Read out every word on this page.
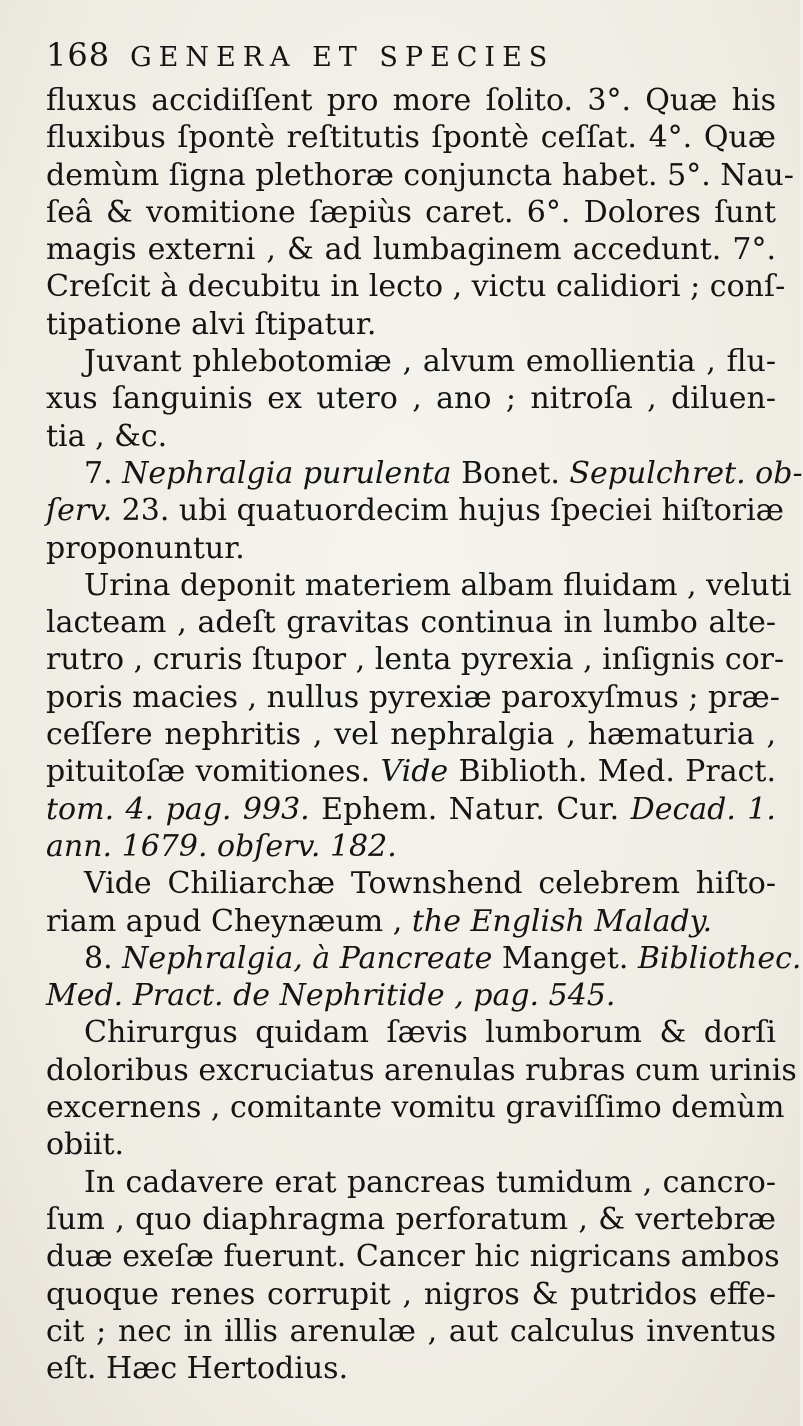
168 GENERA ET SPECIES
fluxus accidiſſent pro more ſolito. 3°. Quæ his
fluxibus ſpontè reſtitutis ſpontè ceſſat. 4°. Quæ
demùm ſigna plethoræ conjuncta habet. 5°. Nau-
ſeâ & vomitione ſæpiùs caret. 6°. Dolores ſunt
magis externi , & ad lumbaginem accedunt. 7°.
Creſcit à decubitu in lecto , victu calidiori ; conſ-
tipatione alvi ſtipatur.
Juvant phlebotomiæ , alvum emollientia , flu-
xus ſanguinis ex utero , ano ; nitroſa , diluen-
tia , &c.
7. Nephralgia purulenta Bonet. Sepulchret. ob-
ſerv. 23. ubi quatuordecim hujus ſpeciei hiſtoriæ
proponuntur.
Urina deponit materiem albam fluidam , veluti
lacteam , adeſt gravitas continua in lumbo alte-
rutro , cruris ſtupor , lenta pyrexia , inſignis cor-
poris macies , nullus pyrexiæ paroxyſmus ; præ-
ceſſere nephritis , vel nephralgia , hæmaturia ,
pituitoſæ vomitiones. Vide Biblioth. Med. Pract.
tom. 4. pag. 993. Ephem. Natur. Cur. Decad. 1.
ann. 1679. obſerv. 182.
Vide Chiliarchæ Townshend celebrem hiſto-
riam apud Cheynæum , the English Malady.
8. Nephralgia, à Pancreate Manget. Bibliothec.
Med. Pract. de Nephritide , pag. 545.
Chirurgus quidam ſævis lumborum & dorſi
doloribus excruciatus arenulas rubras cum urinis
excernens , comitante vomitu graviſſimo demùm
obiit.
In cadavere erat pancreas tumidum , cancro-
ſum , quo diaphragma perforatum , & vertebræ
duæ exeſæ fuerunt. Cancer hic nigricans ambos
quoque renes corrupit , nigros & putridos effe-
cit ; nec in illis arenulæ , aut calculus inventus
eſt. Hæc Hertodius.
